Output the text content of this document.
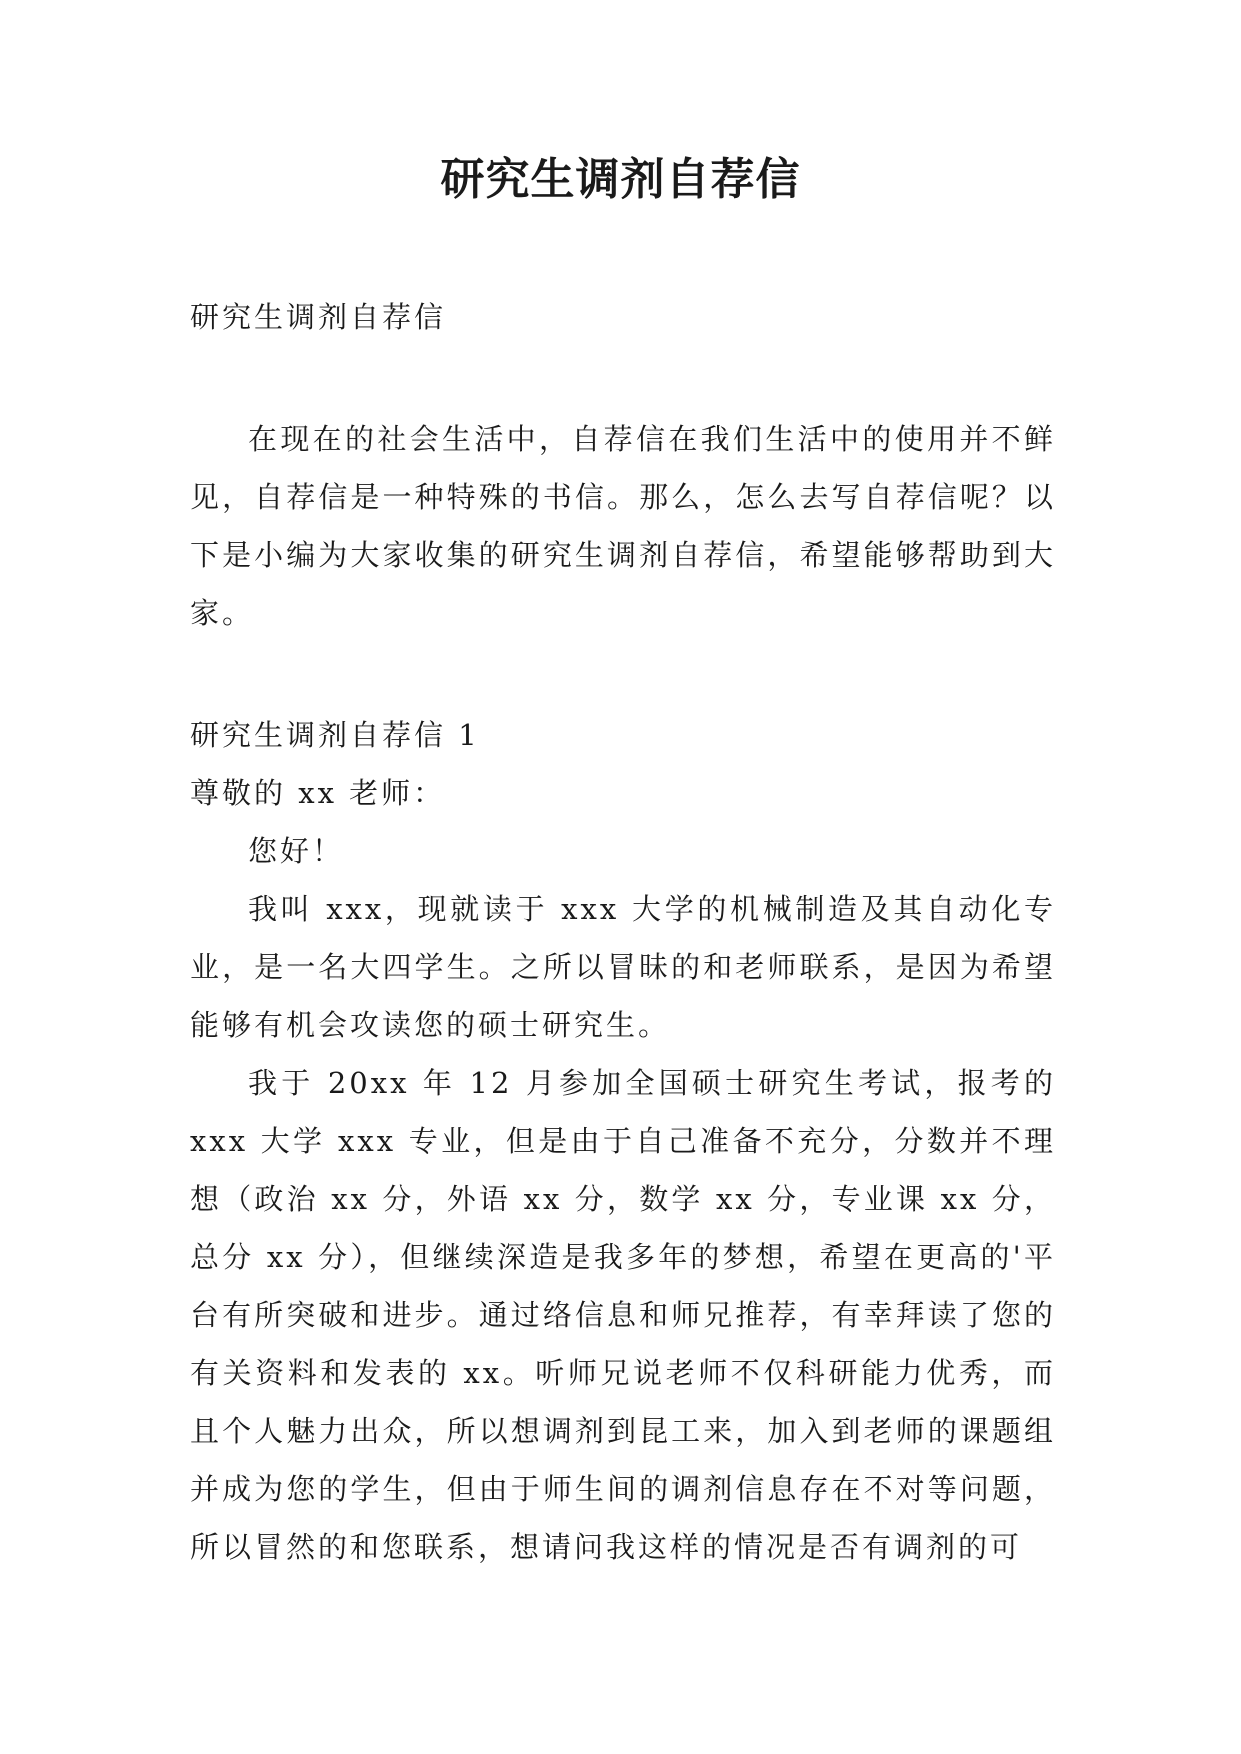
研究生调剂自荐信

研究生调剂自荐信

在现在的社会生活中，自荐信在我们生活中的使用并不鲜见，自荐信是一种特殊的书信。那么，怎么去写自荐信呢？以下是小编为大家收集的研究生调剂自荐信，希望能够帮助到大家。

研究生调剂自荐信 1

尊敬的 xx 老师：

您好！

我叫 xxx，现就读于 xxx 大学的机械制造及其自动化专业，是一名大四学生。之所以冒昧的和老师联系，是因为希望能够有机会攻读您的硕士研究生。

我于 20xx 年 12 月参加全国硕士研究生考试，报考的 xxx 大学 xxx 专业，但是由于自己准备不充分，分数并不理想（政治 xx 分，外语 xx 分，数学 xx 分，专业课 xx 分，总分 xx 分），但继续深造是我多年的梦想，希望在更高的'平台有所突破和进步。通过络信息和师兄推荐，有幸拜读了您的有关资料和发表的 xx。听师兄说老师不仅科研能力优秀，而且个人魅力出众，所以想调剂到昆工来，加入到老师的课题组并成为您的学生，但由于师生间的调剂信息存在不对等问题，所以冒然的和您联系，想请问我这样的情况是否有调剂的可
